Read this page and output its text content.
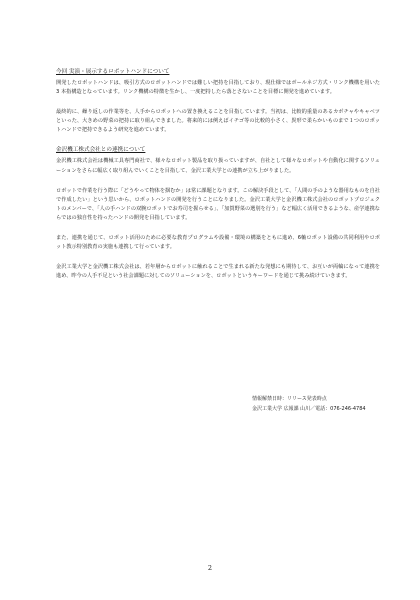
今回 実演・展示するロボットハンドについて

開発したロボットハンドは、吸引方式のロボットハンドでは難しい把持を目指しており、現仕様ではボールネジ方式・リンク機構を用いた 3 本指構造となっています。リンク機構の特徴を生かし、一度把持したら落とさないことを目標に開発を進めています。

最終的に、繰り返しの作業等を、人手からロボットへの置き換えることを目指しています。当初は、比較的重量のあるカボチャやキャベツといった、大きめの野菜の把持に取り組んできました。将来的には例えばイチゴ等の比較的小さく、異形で柔らかいものまで１つのロボットハンドで把持できるよう研究を進めています。

金沢機工株式会社との連携について

金沢機工株式会社は機械工具専門商社で、様々なロボット製品を取り扱っていますが、自社として様々なロボットや自動化に関するソリューションをさらに幅広く取り組んでいくことを目指して、金沢工業大学との連携が立ち上がりました。

ロボットで作業を行う際に「どうやって物体を掴むか」は常に課題となります。この解決手段として、「人間の手のような器用なものを自社で作成したい」という思いから、ロボットハンドの開発を行うことになりました。金沢工業大学と金沢機工株式会社のロボットプロジェクトのメンバーで、「人の手ハンドの双腕ロボットでお寿司を握らせる」、「加賀野菜の選別を行う」など幅広く活用できるような、産学連携ならではの独自性を持ったハンドの開発を目指しています。

また、連携を通じて、ロボット活用のために必要な教育プログラムや設備・環境の構築をともに進め、6軸ロボット設備の共同利用やロボット教示特別教育の実施も連携して行っています。

金沢工業大学と金沢機工株式会社は、若年層からロボットに触れることで生まれる新たな発想にも期待して、お互いが両輪になって連携を進め、昨今の人手不足という社会課題に対してのソリューションを、ロボットというキーワードを通じて挑み続けていきます。

情報解禁日時：リリース発表時点
金沢工業大学 広報課 山川／電話：076-246-4784
2
